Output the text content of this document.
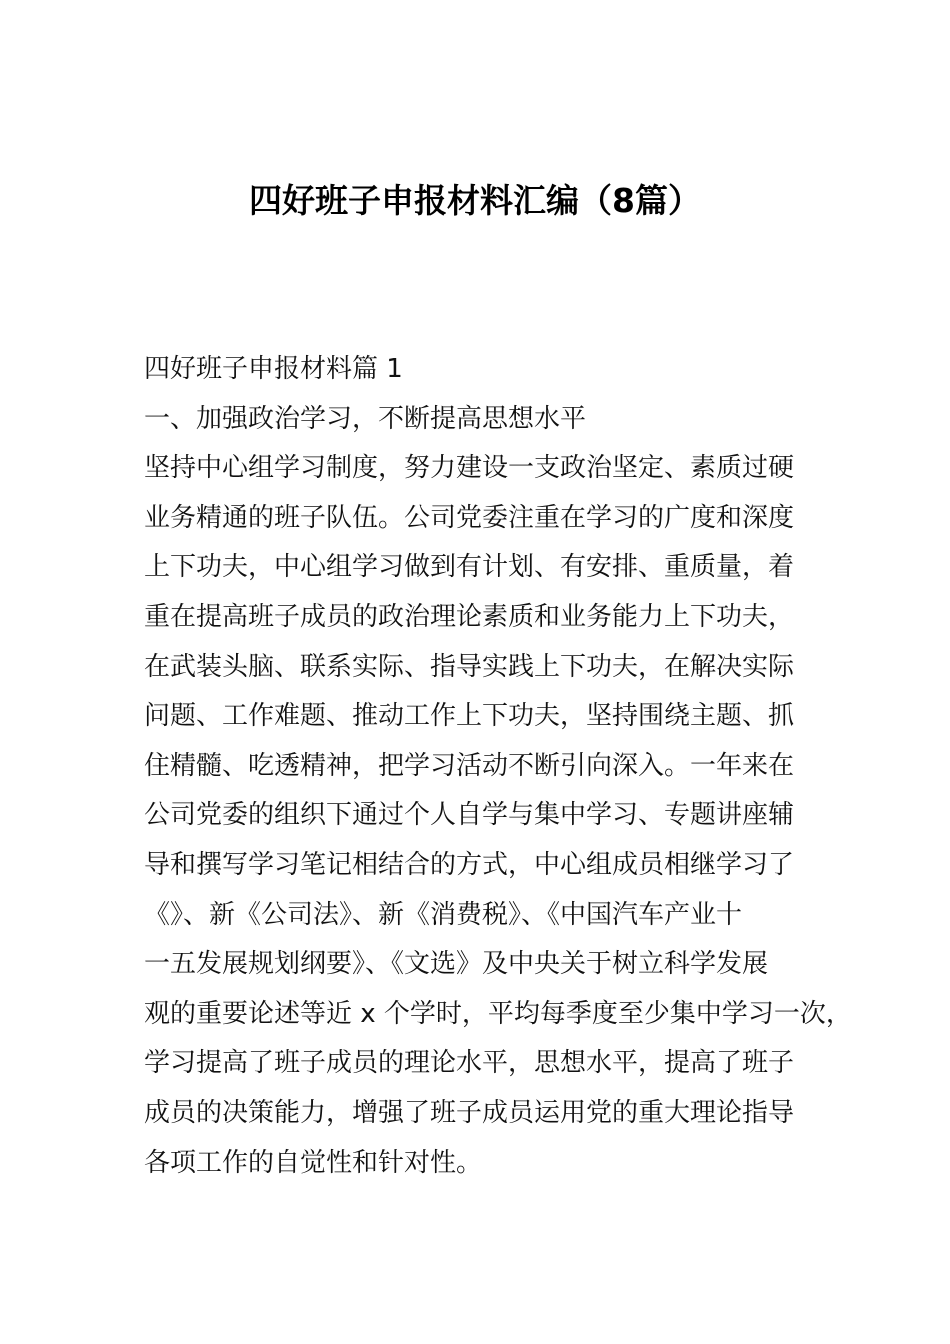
四好班子申报材料汇编（8篇）
四好班子申报材料篇 1
一、加强政治学习，不断提高思想水平
坚持中心组学习制度，努力建设一支政治坚定、素质过硬
业务精通的班子队伍。公司党委注重在学习的广度和深度
上下功夫，中心组学习做到有计划、有安排、重质量，着
重在提高班子成员的政治理论素质和业务能力上下功夫，
在武装头脑、联系实际、指导实践上下功夫，在解决实际
问题、工作难题、推动工作上下功夫，坚持围绕主题、抓
住精髓、吃透精神，把学习活动不断引向深入。一年来在
公司党委的组织下通过个人自学与集中学习、专题讲座辅
导和撰写学习笔记相结合的方式，中心组成员相继学习了
《》、新《公司法》、新《消费税》、《中国汽车产业十
一五发展规划纲要》、《文选》及中央关于树立科学发展
观的重要论述等近 x 个学时，平均每季度至少集中学习一次，
学习提高了班子成员的理论水平，思想水平，提高了班子
成员的决策能力，增强了班子成员运用党的重大理论指导
各项工作的自觉性和针对性。
